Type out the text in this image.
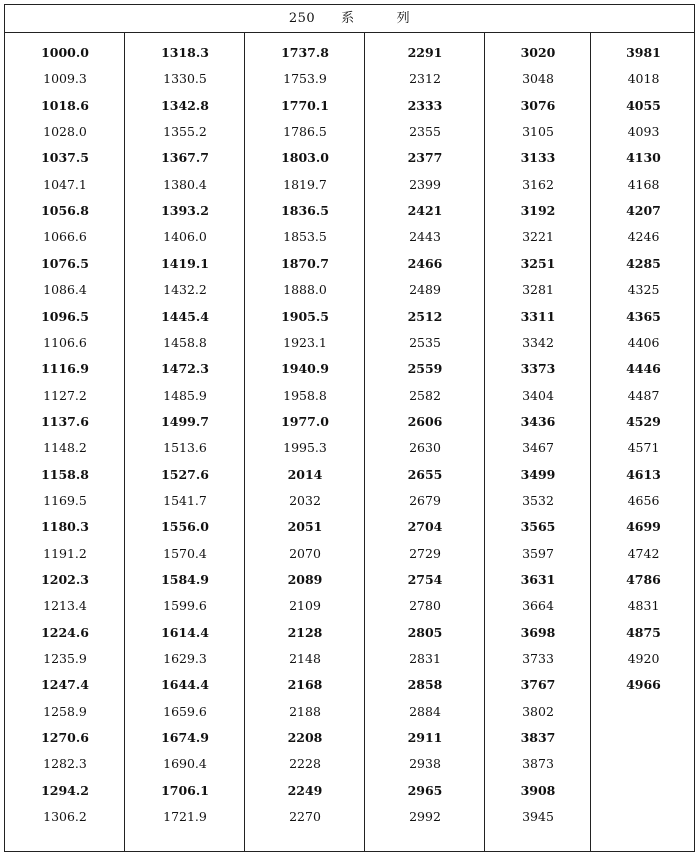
250 系	列
1000.0
1009.3
1018.6
1028.0
1037.5
1047.1
1056.8
1066.6
1076.5
1086.4
1096.5
1106.6
1116.9
1127.2
1137.6
1148.2
1158.8
1169.5
1180.3
1191.2
1202.3
1213.4
1224.6
1235.9
1247.4
1258.9
1270.6
1282.3
1294.2
1306.2
1318.3
1330.5
1342.8
1355.2
1367.7
1380.4
1393.2
1406.0
1419.1
1432.2
1445.4
1458.8
1472.3
1485.9
1499.7
1513.6
1527.6
1541.7
1556.0
1570.4
1584.9
1599.6
1614.4
1629.3
1644.4
1659.6
1674.9
1690.4
1706.1
1721.9
1737.8
1753.9
1770.1
1786.5
1803.0
1819.7
1836.5
1853.5
1870.7
1888.0
1905.5
1923.1
1940.9
1958.8
1977.0
1995.3
2014
2032
2051
2070
2089
2109
2128
2148
2168
2188
2208
2228
2249
2270
2291
2312
2333
2355
2377
2399
2421
2443
2466
2489
2512
2535
2559
2582
2606
2630
2655
2679
2704
2729
2754
2780
2805
2831
2858
2884
2911
2938
2965
2992
3020
3048
3076
3105
3133
3162
3192
3221
3251
3281
3311
3342
3373
3404
3436
3467
3499
3532
3565
3597
3631
3664
3698
3733
3767
3802
3837
3873
3908
3945
3981
4018
4055
4093
4130
4168
4207
4246
4285
4325
4365
4406
4446
4487
4529
4571
4613
4656
4699
4742
4786
4831
4875
4920
4966
